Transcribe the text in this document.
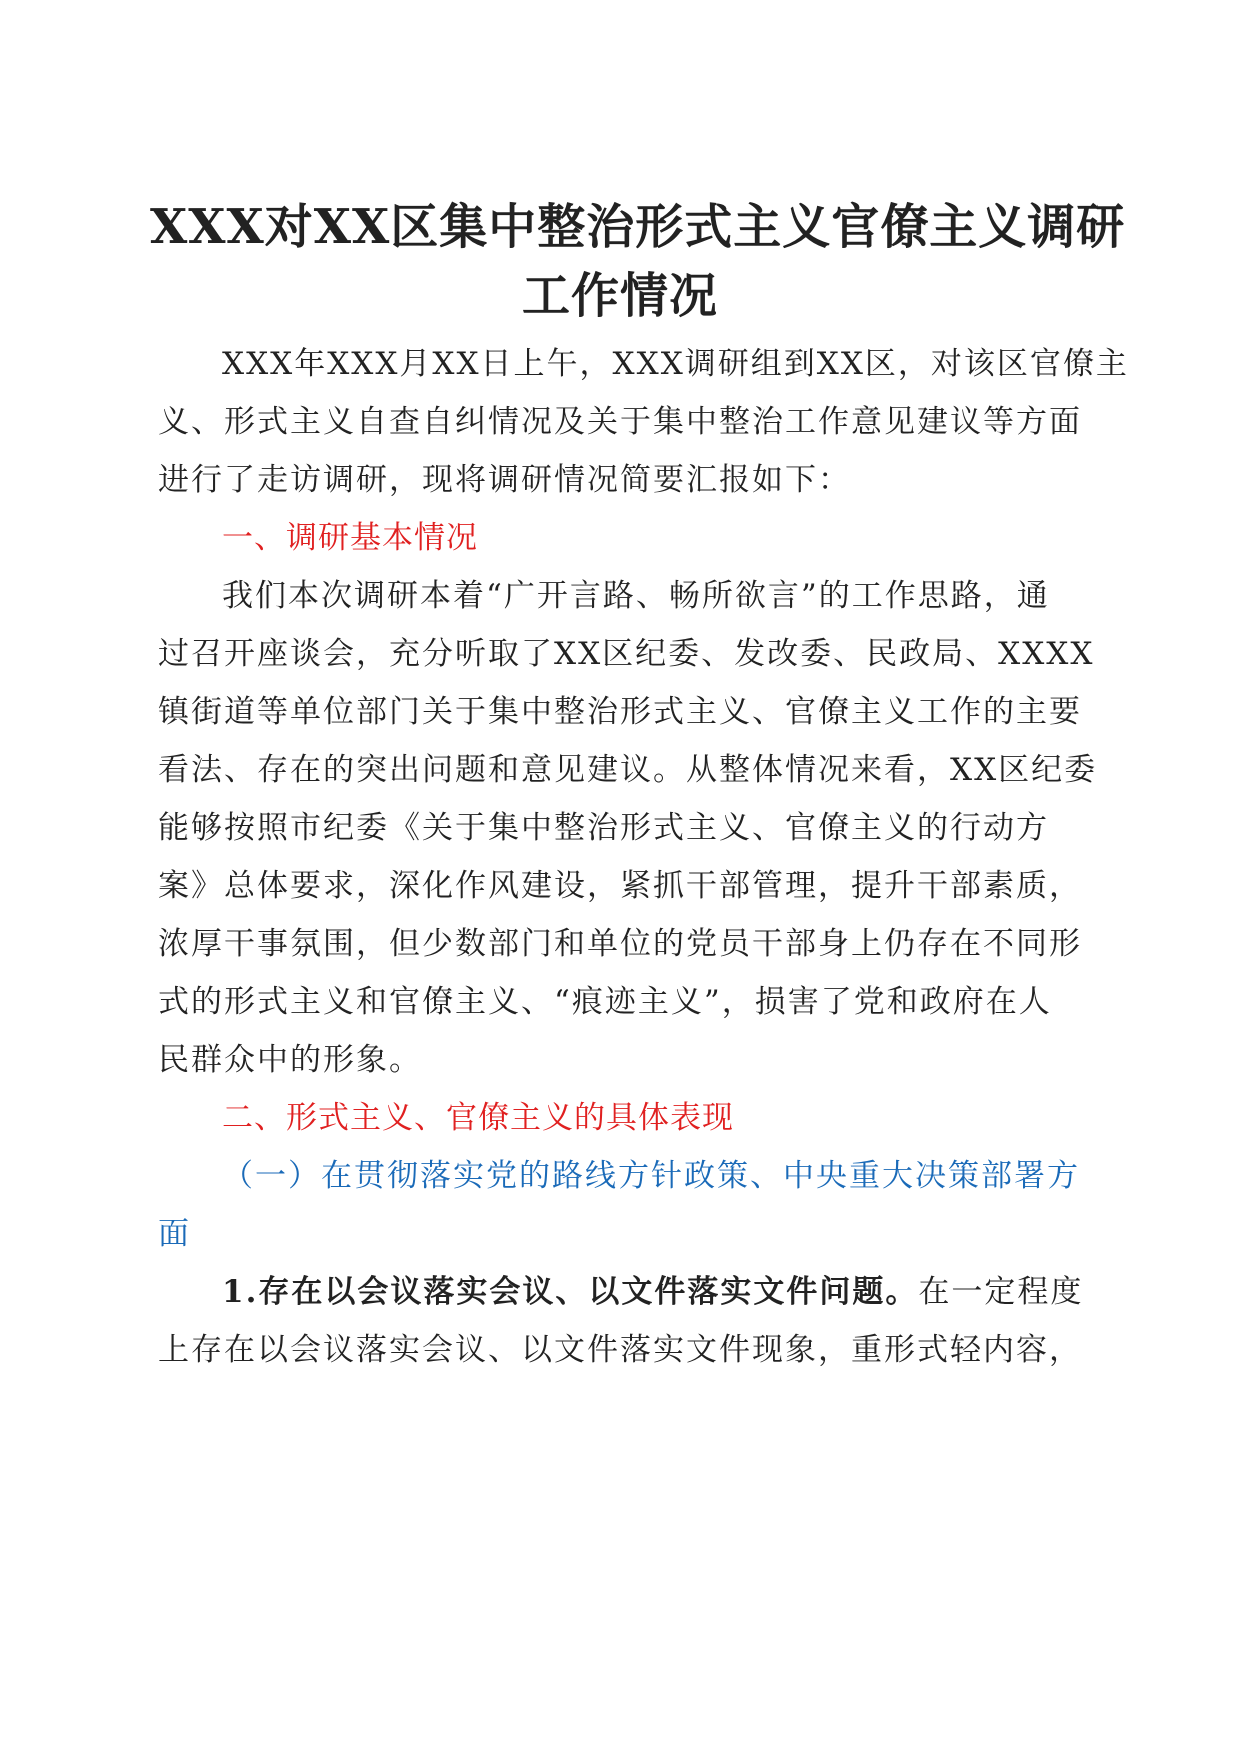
XXX对XX区集中整治形式主义官僚主义调研
工作情况
XXX年XXX月XX日上午，XXX调研组到XX区，对该区官僚主
义、形式主义自查自纠情况及关于集中整治工作意见建议等方面
进行了走访调研，现将调研情况简要汇报如下：
一、调研基本情况
我们本次调研本着“广开言路、畅所欲言”的工作思路，通
过召开座谈会，充分听取了XX区纪委、发改委、民政局、XXXX
镇街道等单位部门关于集中整治形式主义、官僚主义工作的主要
看法、存在的突出问题和意见建议。从整体情况来看，XX区纪委
能够按照市纪委《关于集中整治形式主义、官僚主义的行动方
案》总体要求，深化作风建设，紧抓干部管理，提升干部素质，
浓厚干事氛围，但少数部门和单位的党员干部身上仍存在不同形
式的形式主义和官僚主义、“痕迹主义”，损害了党和政府在人
民群众中的形象。
二、形式主义、官僚主义的具体表现
（一）在贯彻落实党的路线方针政策、中央重大决策部署方
面
1.存在以会议落实会议、以文件落实文件问题。在一定程度
上存在以会议落实会议、以文件落实文件现象，重形式轻内容，
